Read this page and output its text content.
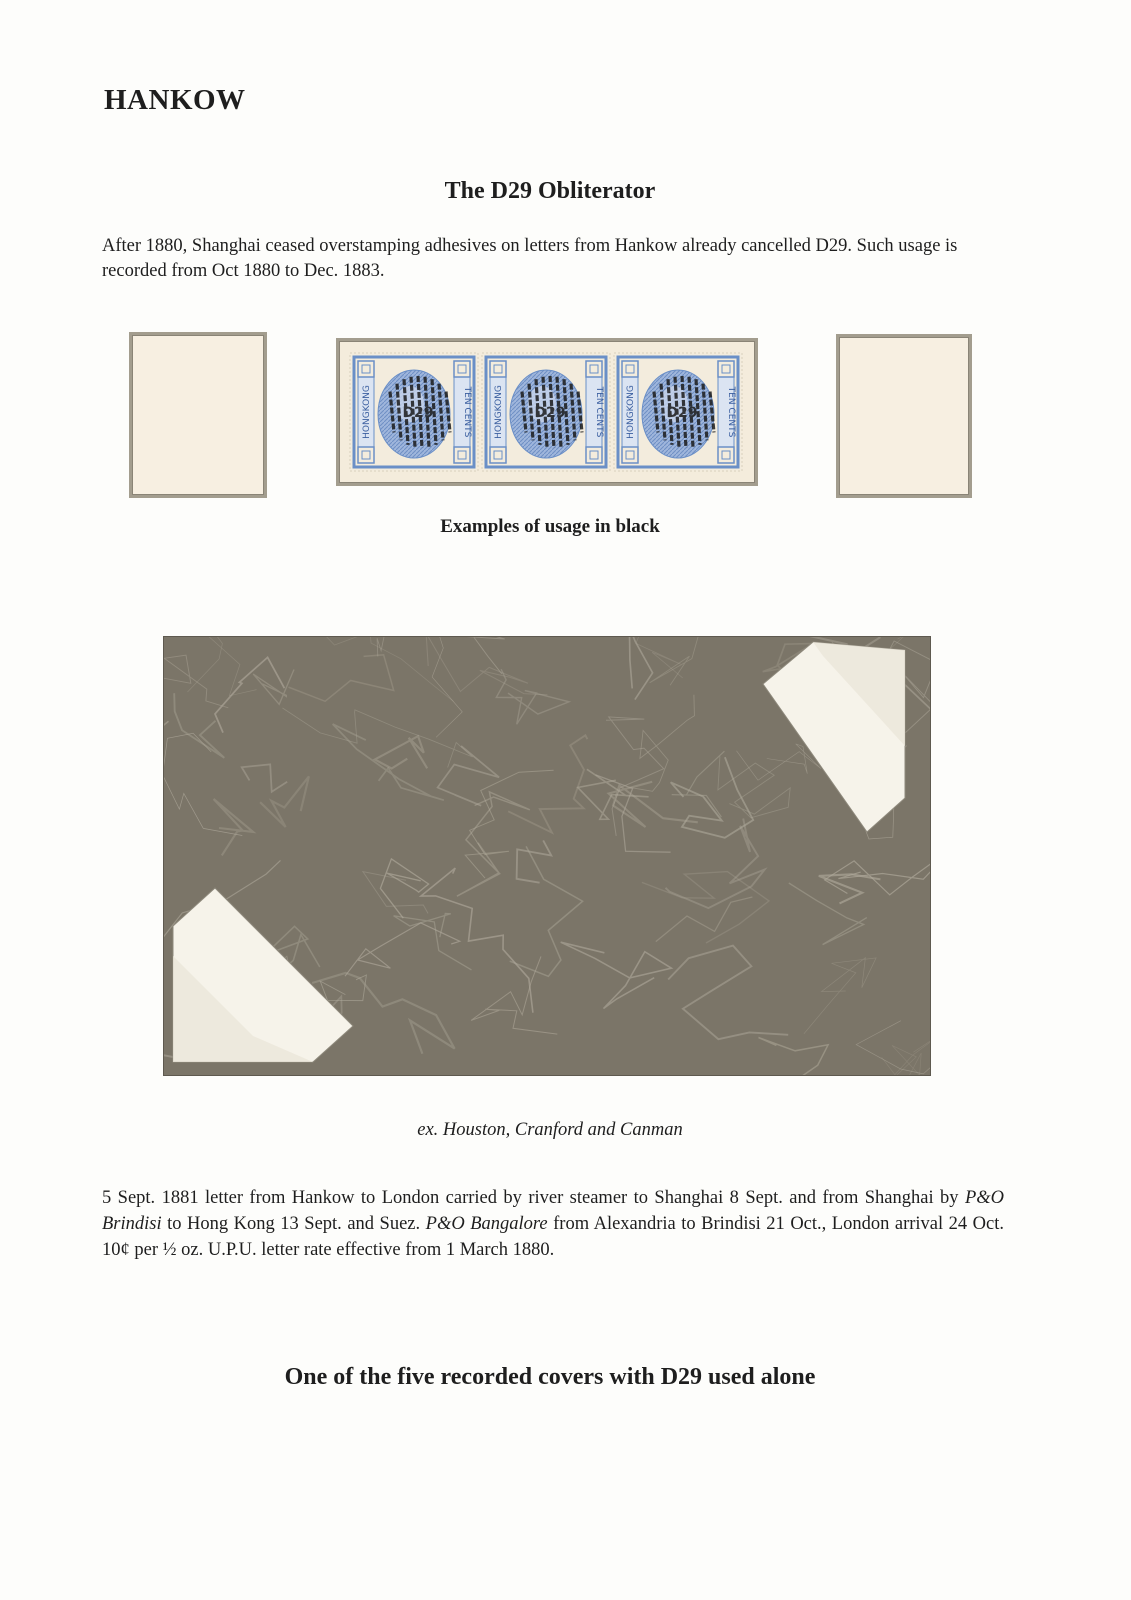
HANKOW
The D29 Obliterator
After 1880, Shanghai ceased overstamping adhesives on letters from Hankow already cancelled D29. Such usage is recorded from Oct 1880 to Dec. 1883.
HONGKONG	TEN CENTS
D29	HONGKONG	TEN CENTS
D29	HONGKONG	TEN CENTS
D29
Examples of usage in black
ex. Houston, Cranford and Canman
5 Sept. 1881 letter from Hankow to London carried by river steamer to Shanghai 8 Sept. and from Shanghai by P&O Brindisi to Hong Kong 13 Sept. and Suez. P&O Bangalore from Alexandria to Brindisi 21 Oct., London arrival 24 Oct. 10¢ per ½ oz. U.P.U. letter rate effective from 1 March 1880.
One of the five recorded covers with D29 used alone
